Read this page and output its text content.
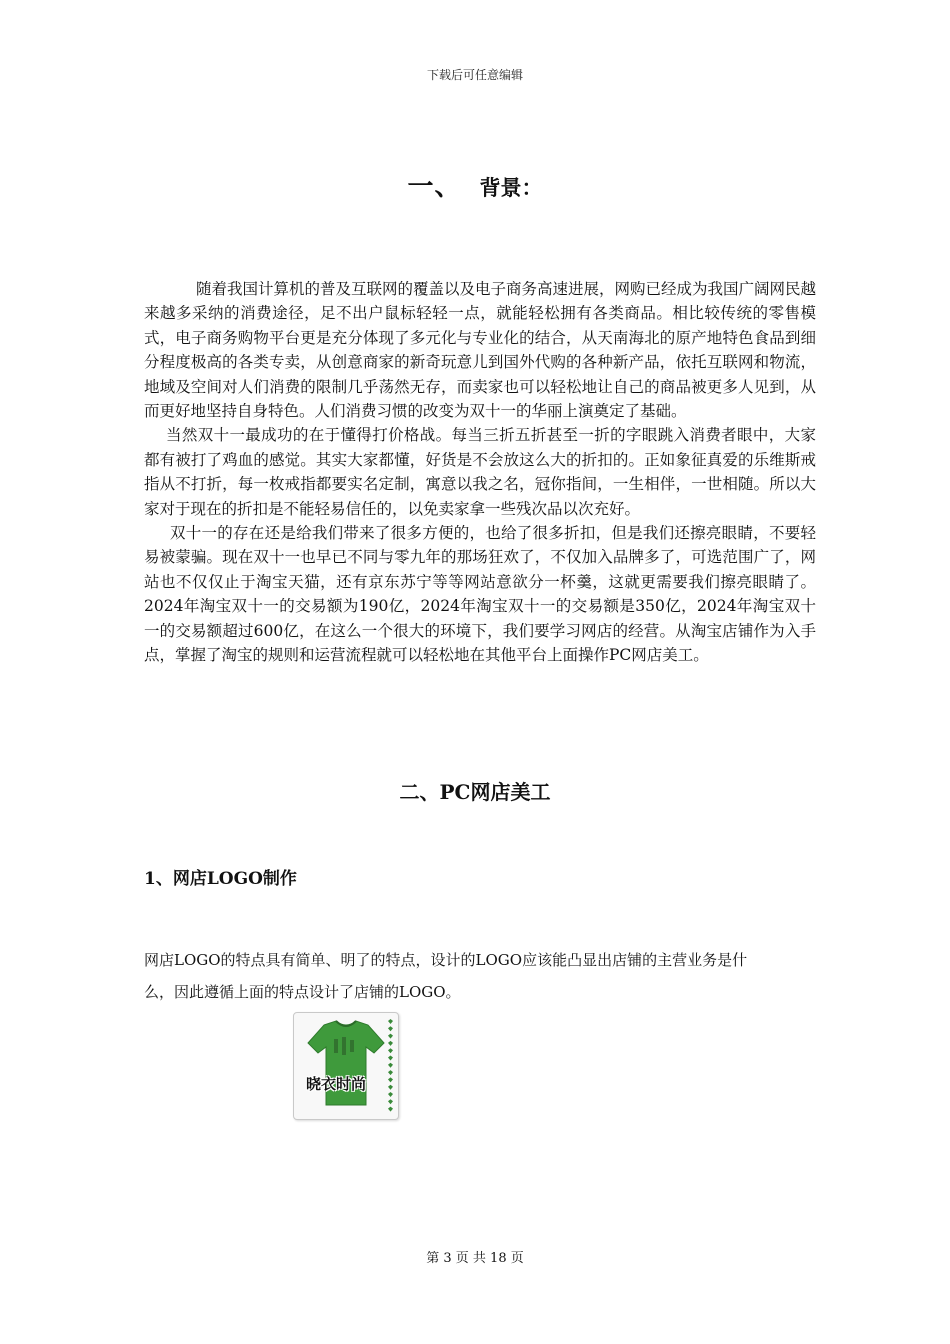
下载后可任意编辑
一、 背景：

随着我国计算机的普及互联网的覆盖以及电子商务高速进展，网购已经成为我国广阔网民越来越多采纳的消费途径，足不出户鼠标轻轻一点，就能轻松拥有各类商品。相比较传统的零售模式，电子商务购物平台更是充分体现了多元化与专业化的结合，从天南海北的原产地特色食品到细分程度极高的各类专卖，从创意商家的新奇玩意儿到国外代购的各种新产品，依托互联网和物流，地域及空间对人们消费的限制几乎荡然无存，而卖家也可以轻松地让自己的商品被更多人见到，从而更好地坚持自身特色。人们消费习惯的改变为双十一的华丽上演奠定了基础。

当然双十一最成功的在于懂得打价格战。每当三折五折甚至一折的字眼跳入消费者眼中，大家都有被打了鸡血的感觉。其实大家都懂，好货是不会放这么大的折扣的。正如象征真爱的乐维斯戒指从不打折，每一枚戒指都要实名定制，寓意以我之名，冠你指间，一生相伴，一世相随。所以大家对于现在的折扣是不能轻易信任的，以免卖家拿一些残次品以次充好。

双十一的存在还是给我们带来了很多方便的，也给了很多折扣，但是我们还擦亮眼睛，不要轻易被蒙骗。现在双十一也早已不同与零九年的那场狂欢了，不仅加入品牌多了，可选范围广了，网站也不仅仅止于淘宝天猫，还有京东苏宁等等网站意欲分一杯羹，这就更需要我们擦亮眼睛了。2024年淘宝双十一的交易额为190亿，2024年淘宝双十一的交易额是350亿，2024年淘宝双十一的交易额超过600亿，在这么一个很大的环境下，我们要学习网店的经营。从淘宝店铺作为入手点，掌握了淘宝的规则和运营流程就可以轻松地在其他平台上面操作PC网店美工。

二、PC网店美工
1、网店LOGO制作

网店LOGO的特点具有简单、明了的特点，设计的LOGO应该能凸显出店铺的主营业务是什

么，因此遵循上面的特点设计了店铺的LOGO。

晓衣时尚
第 3 页 共 18 页
